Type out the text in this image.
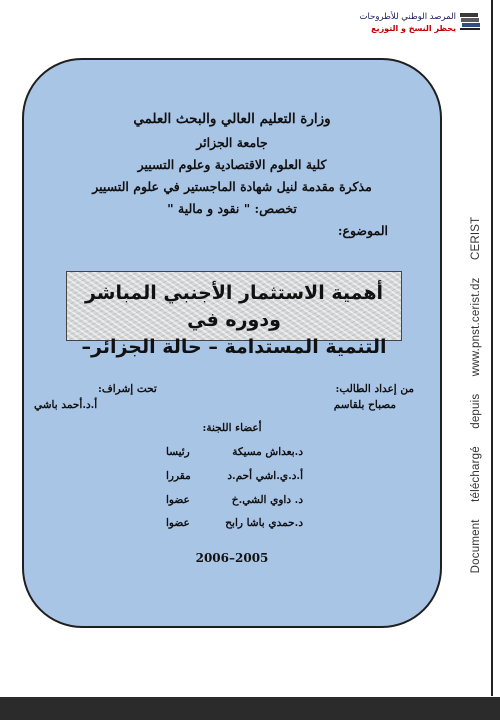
المرصد الوطني للأطروحات
يحظر النسخ و التوزيع
Document téléchargé depuis www.pnst.cerist.dz CERIST
وزارة التعليم العالي والبحث العلمي
جامعة الجزائر
كلية العلوم الاقتصادية وعلوم التسيير
مذكرة مقدمة لنيل شهادة الماجستير في علوم التسيير
تخصص: " نقود و مالية "
الموضوع:
أهمية الاستثمار الأجنبي المباشر ودوره في
التنمية المستدامة – حالة الجزائر–
من إعداد الطالب:
مصباح بلقاسم
تحت إشراف:
أ.د.أحمد باشي
أعضاء اللجنة:
د.بعداش مسيكة
رئيسا
أ.د.ي.اشي أحم.د
مقررا
د. داوي الشي.خ
عضوا
د.حمدي باشا رابح
عضوا
2006–2005
